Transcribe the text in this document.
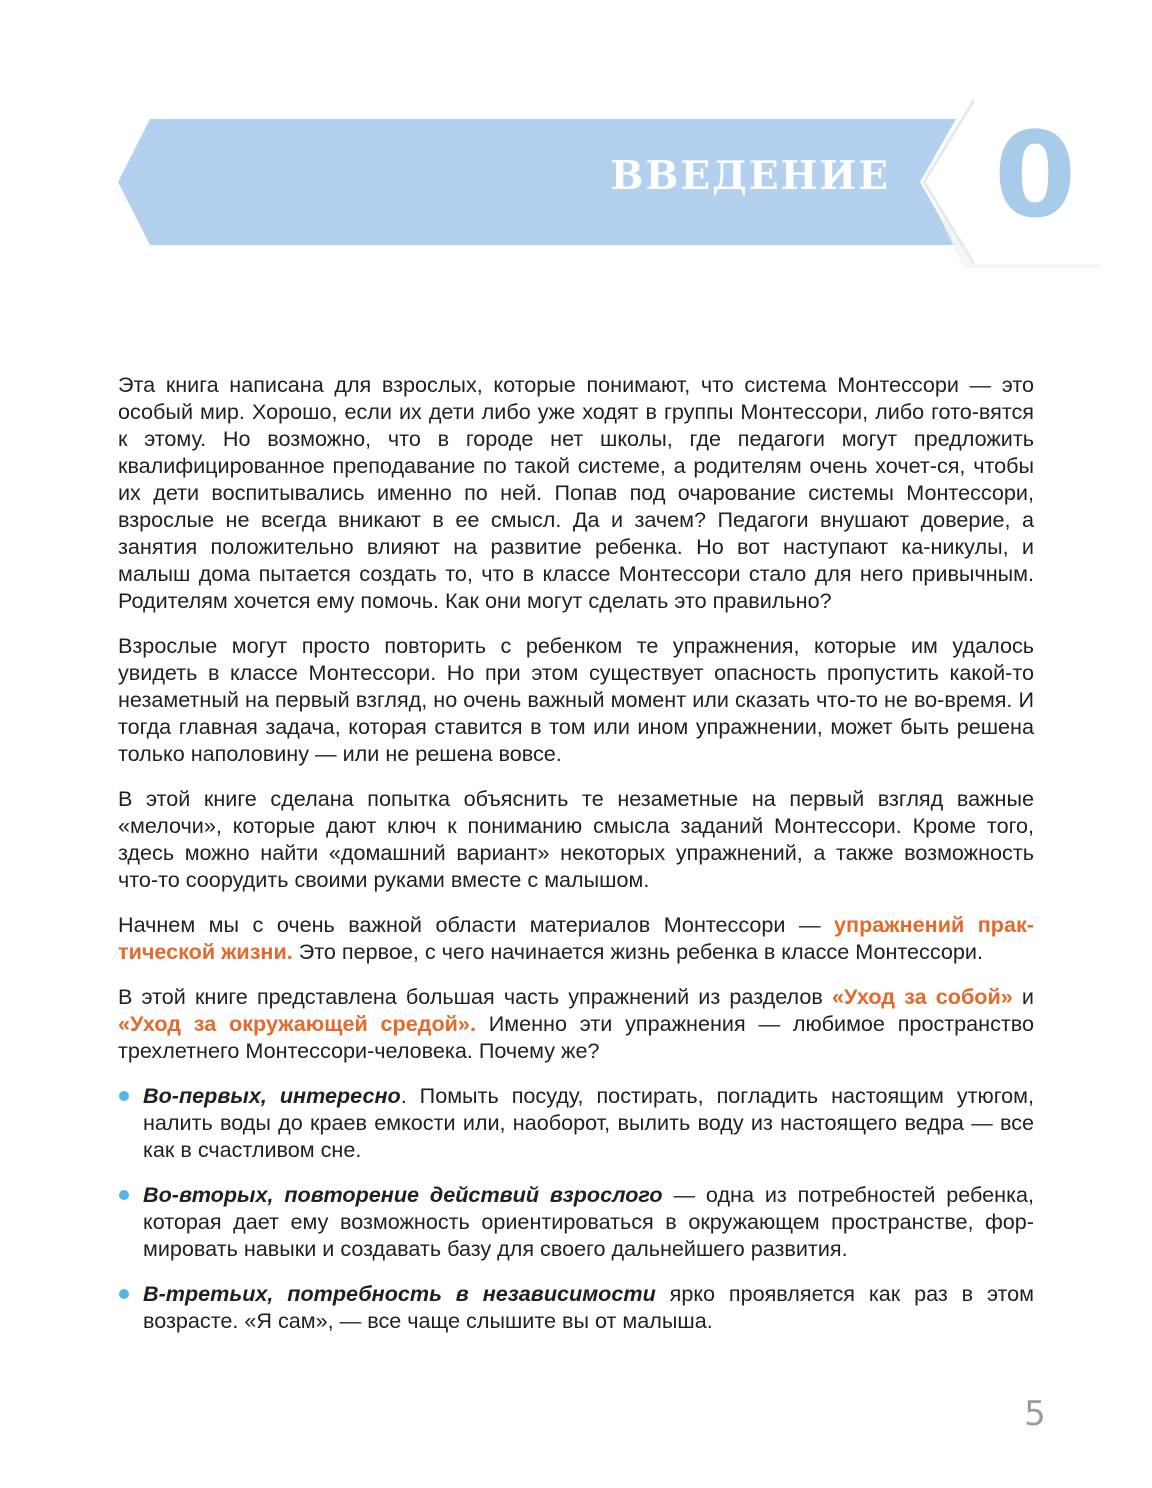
ВВЕДЕНИЕ 0

Эта книга написана для взрослых, которые понимают, что система Монтессори — это особый мир. Хорошо, если их дети либо уже ходят в группы Монтессори, либо гото-вятся к этому. Но возможно, что в городе нет школы, где педагоги могут предложить квалифицированное преподавание по такой системе, а родителям очень хочет-ся, чтобы их дети воспитывались именно по ней. Попав под очарование системы Монтессори, взрослые не всегда вникают в ее смысл. Да и зачем? Педагоги внушают доверие, а занятия положительно влияют на развитие ребенка. Но вот наступают ка-никулы, и малыш дома пытается создать то, что в классе Монтессори стало для него привычным. Родителям хочется ему помочь. Как они могут сделать это правильно?

Взрослые могут просто повторить с ребенком те упражнения, которые им удалось увидеть в классе Монтессори. Но при этом существует опасность пропустить какой-то незаметный на первый взгляд, но очень важный момент или сказать что-то не во-время. И тогда главная задача, которая ставится в том или ином упражнении, может быть решена только наполовину — или не решена вовсе.

В этой книге сделана попытка объяснить те незаметные на первый взгляд важные «мелочи», которые дают ключ к пониманию смысла заданий Монтессори. Кроме того, здесь можно найти «домашний вариант» некоторых упражнений, а также возможность что-то соорудить своими руками вместе с малышом.

Начнем мы с очень важной области материалов Монтессори — упражнений прак-тической жизни. Это первое, с чего начинается жизнь ребенка в классе Монтессори.

В этой книге представлена большая часть упражнений из разделов «Уход за собой» и «Уход за окружающей средой». Именно эти упражнения — любимое пространство трехлетнего Монтессори-человека. Почему же?

Во-первых, интересно. Помыть посуду, постирать, погладить настоящим утюгом, налить воды до краев емкости или, наоборот, вылить воду из настоящего ведра — все как в счастливом сне.
Во-вторых, повторение действий взрослого — одна из потребностей ребенка, которая дает ему возможность ориентироваться в окружающем пространстве, фор-мировать навыки и создавать базу для своего дальнейшего развития.
В-третьих, потребность в независимости ярко проявляется как раз в этом возрасте. «Я сам», — все чаще слышите вы от малыша.
5
